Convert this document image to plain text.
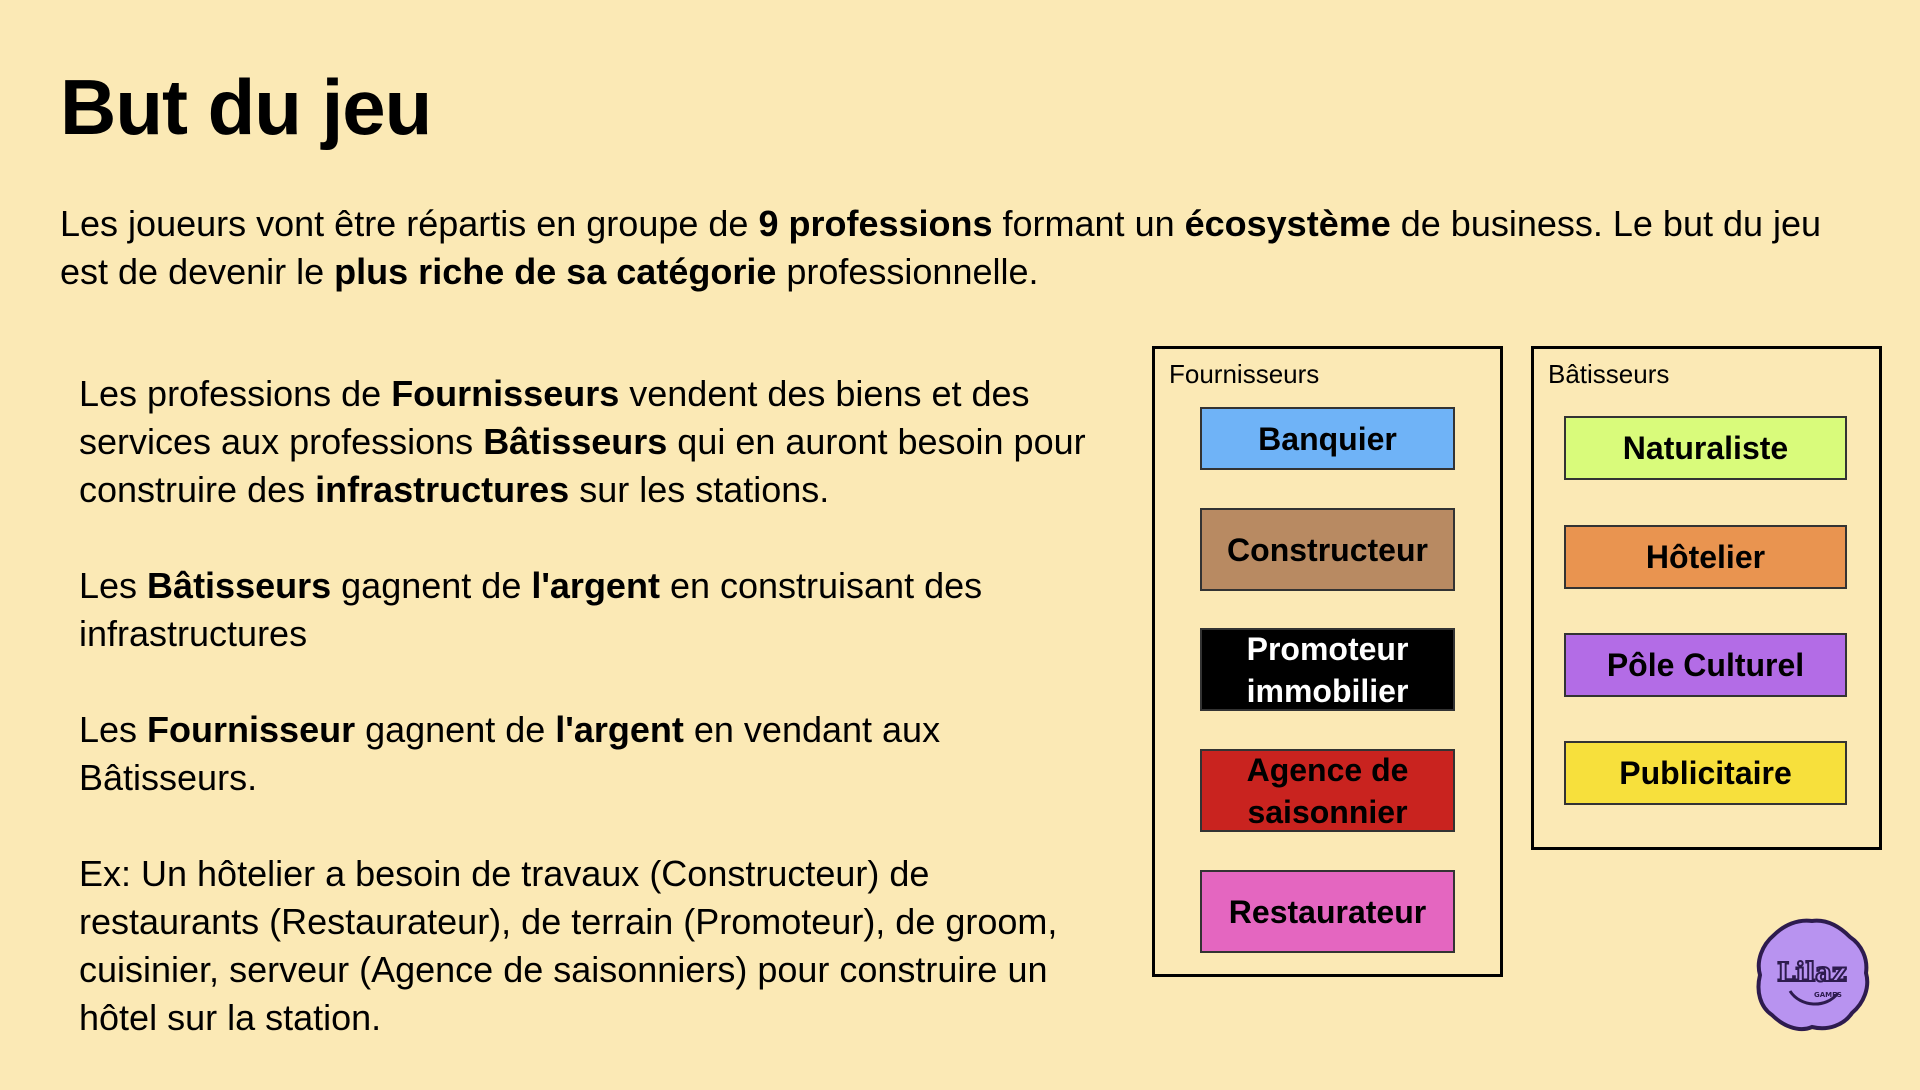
But du jeu

Les joueurs vont être répartis en groupe de 9 professions formant un écosystème de business. Le but du jeu est de devenir le plus riche de sa catégorie professionnelle.

Les professions de Fournisseurs vendent des biens et des services aux professions Bâtisseurs qui en auront besoin pour construire des infrastructures sur les stations.

Les Bâtisseurs gagnent de l'argent en construisant des infrastructures

Les Fournisseur gagnent de l'argent en vendant aux Bâtisseurs.

Ex: Un hôtelier a besoin de travaux (Constructeur) de restaurants (Restaurateur), de terrain (Promoteur), de groom, cuisinier, serveur (Agence de saisonniers) pour construire un hôtel sur la station.

Fournisseurs	Bâtisseurs
Lilaz
GAMES
Banquier
Constructeur
Promoteur
immobilier
Agence de
saisonnier
Restaurateur
Naturaliste
Hôtelier
Pôle Culturel
Publicitaire
